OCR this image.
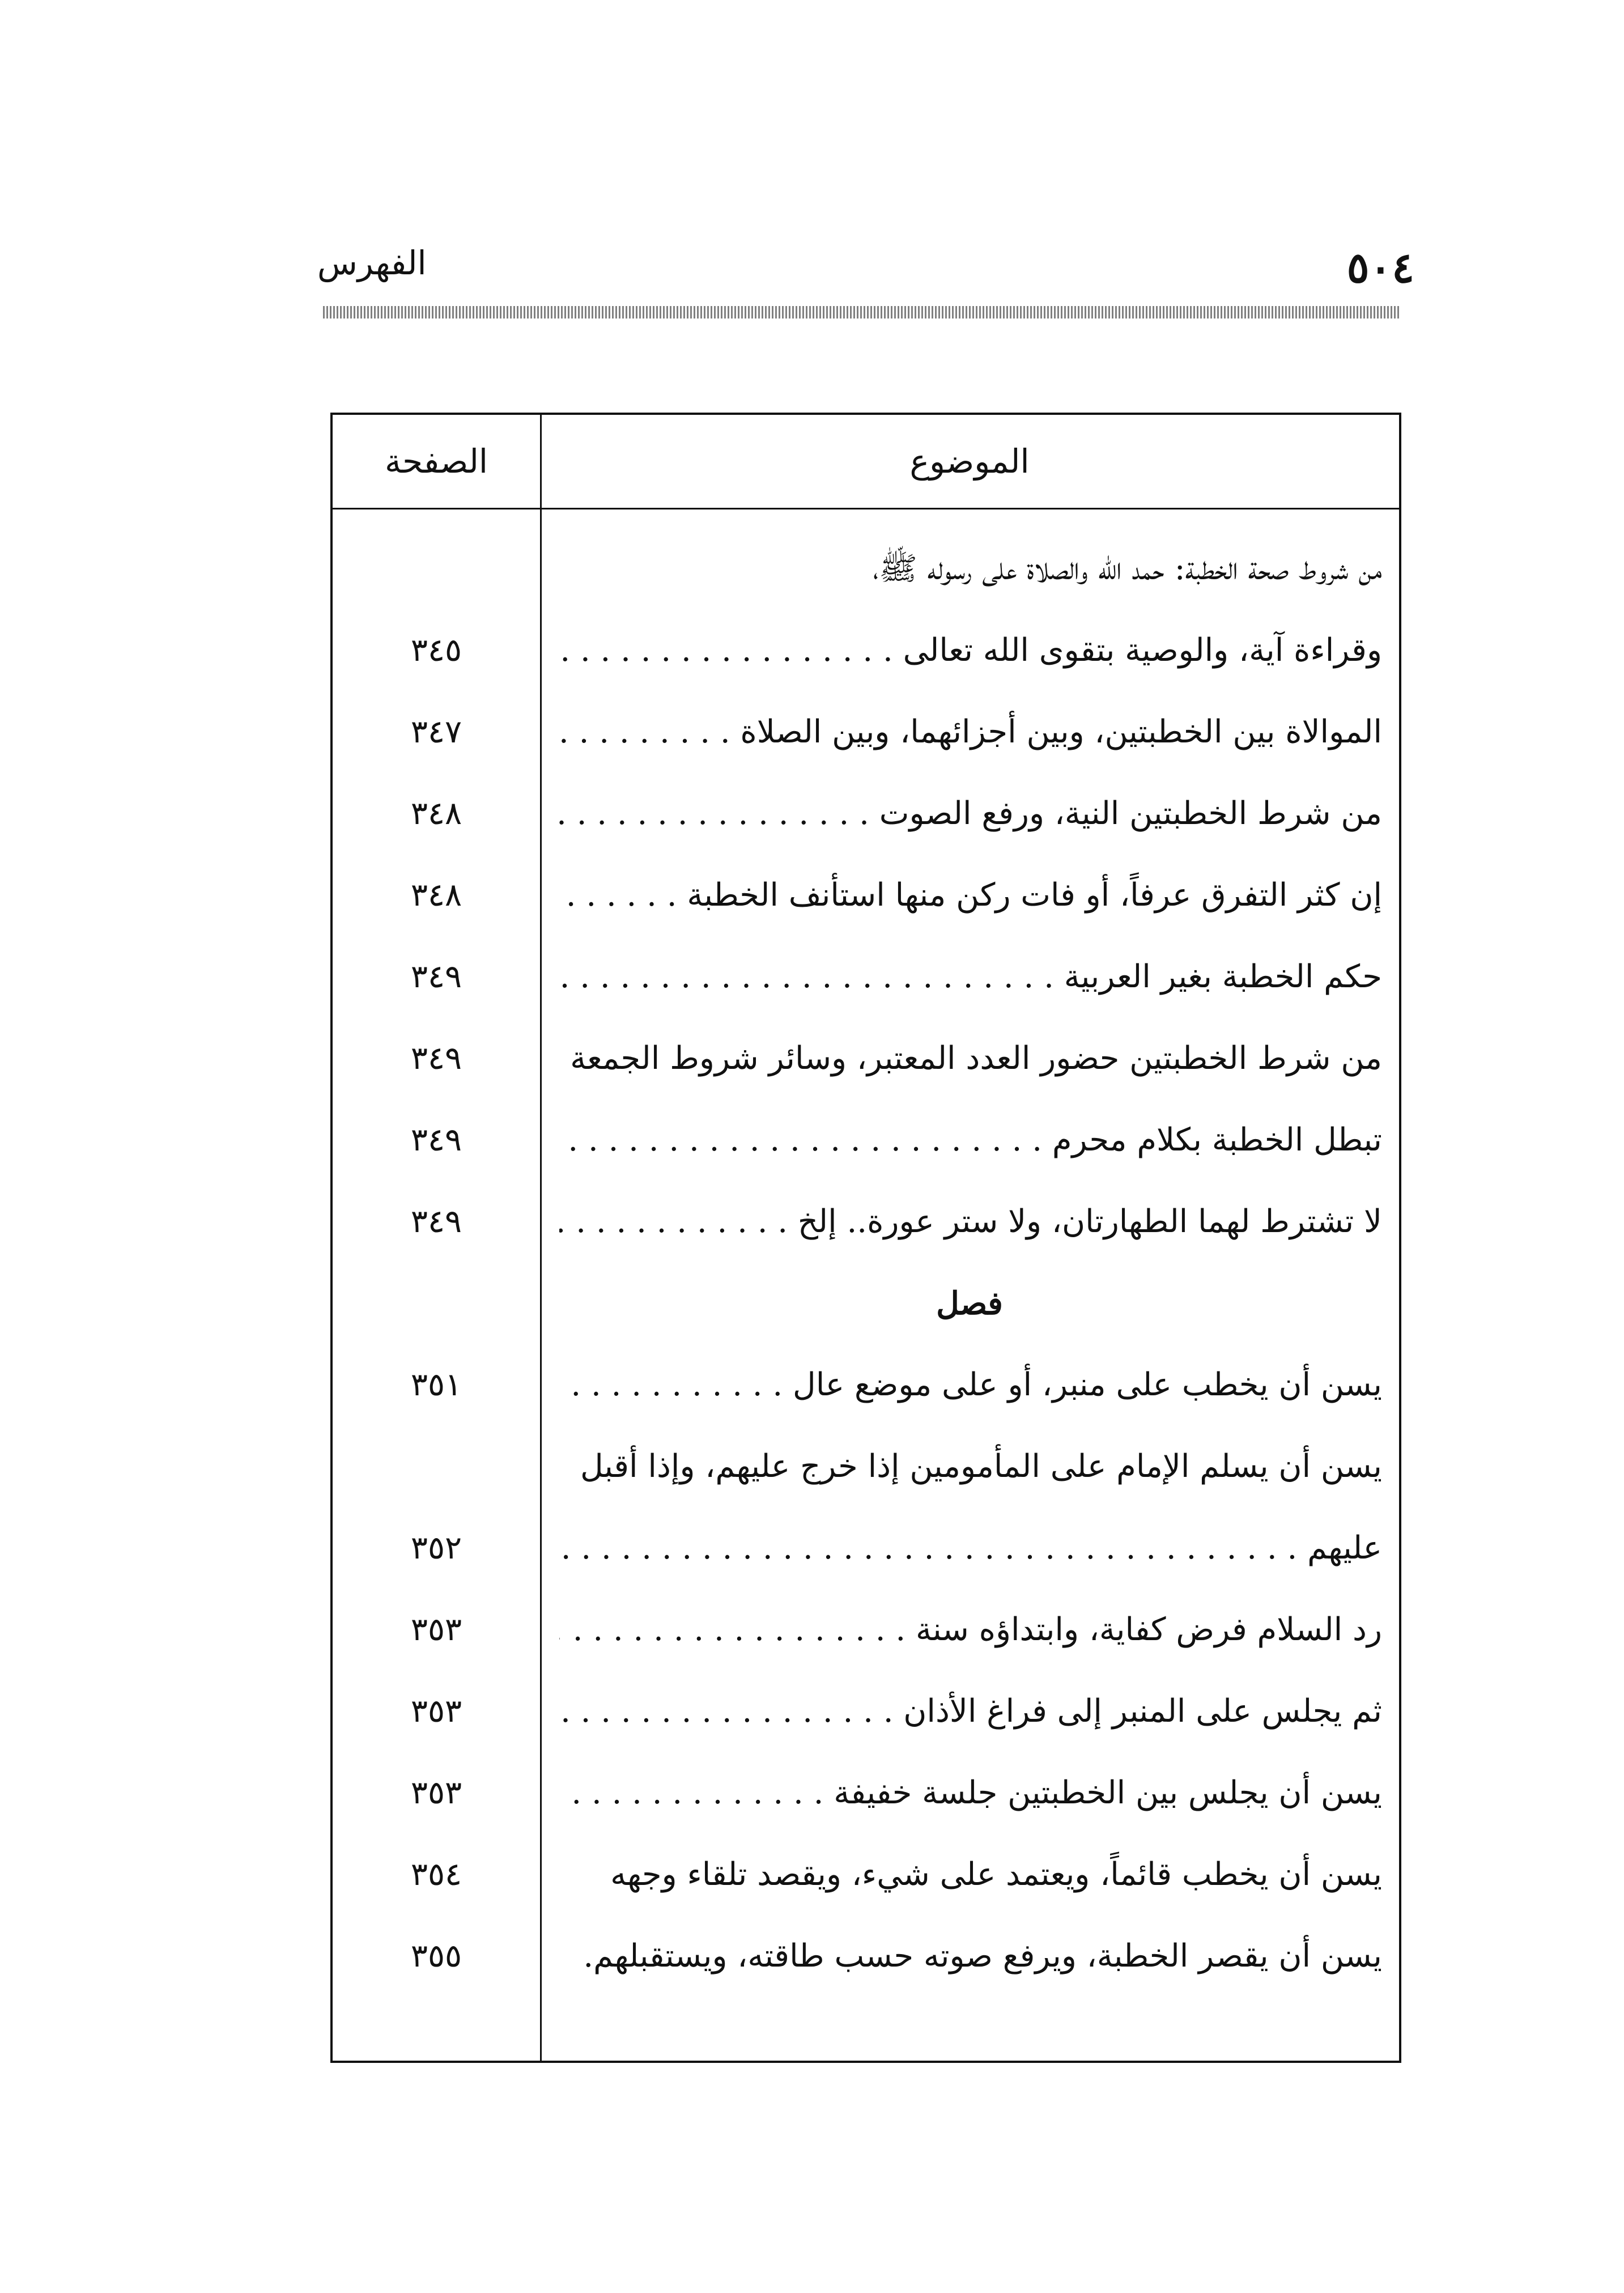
الفهرس	٥٠٤
الموضوع
الصفحة
من شروط صحة الخطبة: حمد الله والصلاة على رسوله ﷺ،
وقراءة آية، والوصية بتقوى الله تعالى . . .
٣٤٥
الموالاة بين الخطبتين، وبين أجزائهما، وبين الصلاة . . .
٣٤٧
من شرط الخطبتين النية، ورفع الصوت . . .
٣٤٨
إن كثر التفرق عرفاً، أو فات ركن منها استأنف الخطبة . . .
٣٤٨
حكم الخطبة بغير العربية . . .
٣٤٩
من شرط الخطبتين حضور العدد المعتبر، وسائر شروط الجمعة
٣٤٩
تبطل الخطبة بكلام محرم . . .
٣٤٩
لا تشترط لهما الطهارتان، ولا ستر عورة.. إلخ . . .
٣٤٩
فصل
يسن أن يخطب على منبر، أو على موضع عال . . .
٣٥١
يسن أن يسلم الإمام على المأمومين إذا خرج عليهم، وإذا أقبل
عليهم . . .
٣٥٢
رد السلام فرض كفاية، وابتداؤه سنة . . .
٣٥٣
ثم يجلس على المنبر إلى فراغ الأذان . . .
٣٥٣
يسن أن يجلس بين الخطبتين جلسة خفيفة . . .
٣٥٣
يسن أن يخطب قائماً، ويعتمد على شيء، ويقصد تلقاء وجهه
٣٥٤
يسن أن يقصر الخطبة، ويرفع صوته حسب طاقته، ويستقبلهم.
٣٥٥
